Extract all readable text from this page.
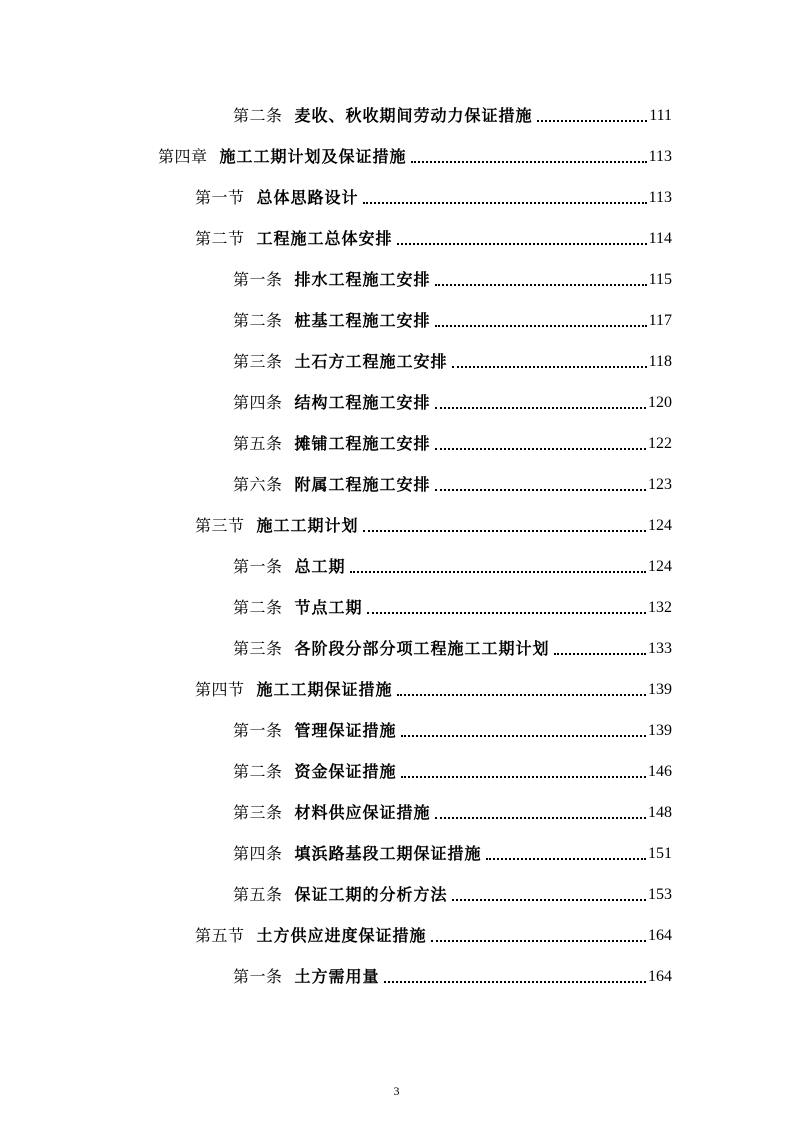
第二条 麦收、秋收期间劳动力保证措施	111
第四章 施工工期计划及保证措施	113
第一节 总体思路设计	113
第二节 工程施工总体安排	114
第一条 排水工程施工安排	115
第二条 桩基工程施工安排	117
第三条 土石方工程施工安排	118
第四条 结构工程施工安排	120
第五条 摊铺工程施工安排	122
第六条 附属工程施工安排	123
第三节 施工工期计划	124
第一条 总工期	124
第二条 节点工期	132
第三条 各阶段分部分项工程施工工期计划	133
第四节 施工工期保证措施	139
第一条 管理保证措施	139
第二条 资金保证措施	146
第三条 材料供应保证措施	148
第四条 填浜路基段工期保证措施	151
第五条 保证工期的分析方法	153
第五节 土方供应进度保证措施	164
第一条 土方需用量	164
3
